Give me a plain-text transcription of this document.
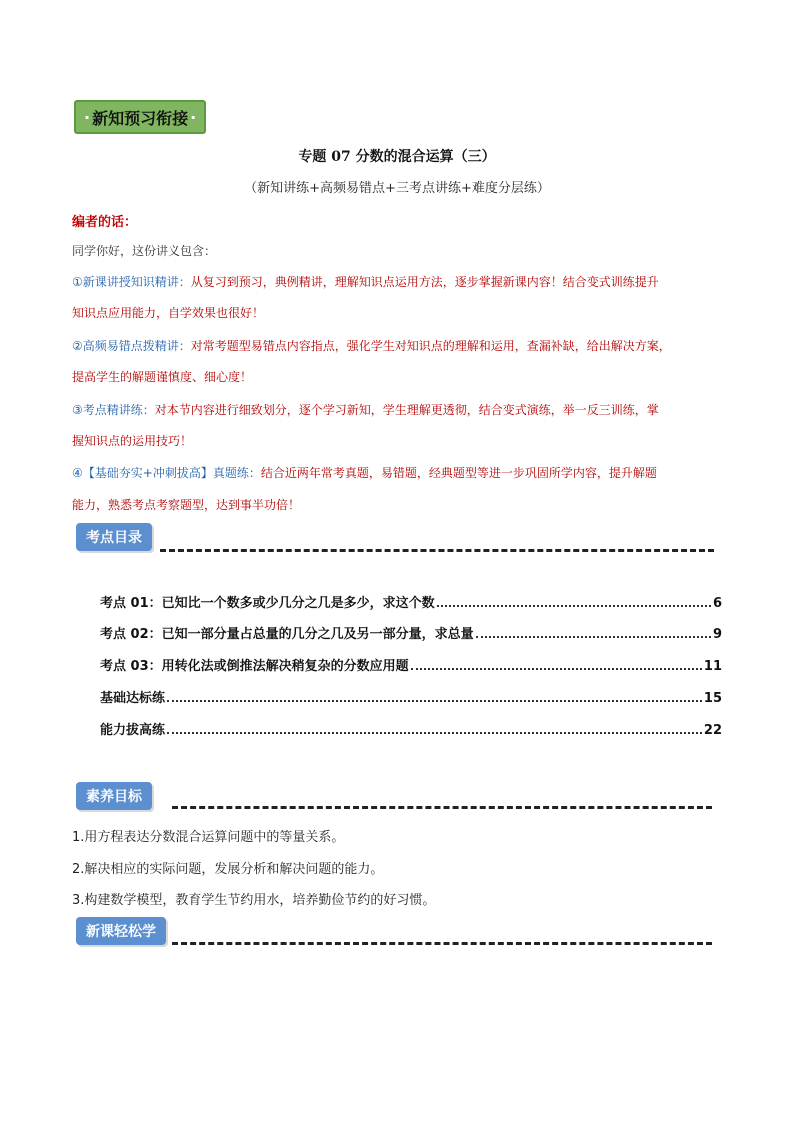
· 新知预习衔接 ·
专题 07 分数的混合运算（三）
（新知讲练+高频易错点+三考点讲练+难度分层练）
编者的话：
同学你好，这份讲义包含：
①新课讲授知识精讲：从复习到预习，典例精讲，理解知识点运用方法，逐步掌握新课内容！结合变式训练提升
知识点应用能力，自学效果也很好！
②高频易错点拨精讲：对常考题型易错点内容指点，强化学生对知识点的理解和运用，查漏补缺，给出解决方案，
提高学生的解题谨慎度、细心度！
③考点精讲练：对本节内容进行细致划分，逐个学习新知，学生理解更透彻，结合变式演练，举一反三训练，掌
握知识点的运用技巧！
④【基础夯实+冲刺拔高】真题练：结合近两年常考真题，易错题，经典题型等进一步巩固所学内容，提升解题
能力，熟悉考点考察题型，达到事半功倍！
考点目录
考点 01：已知比一个数多或少几分之几是多少，求这个数	6
考点 02：已知一部分量占总量的几分之几及另一部分量，求总量	9
考点 03：用转化法或倒推法解决稍复杂的分数应用题	11
基础达标练	15
能力拔高练	22
素养目标
1.用方程表达分数混合运算问题中的等量关系。
2.解决相应的实际问题，发展分析和解决问题的能力。
3.构建数学模型，教育学生节约用水，培养勤俭节约的好习惯。
新课轻松学
